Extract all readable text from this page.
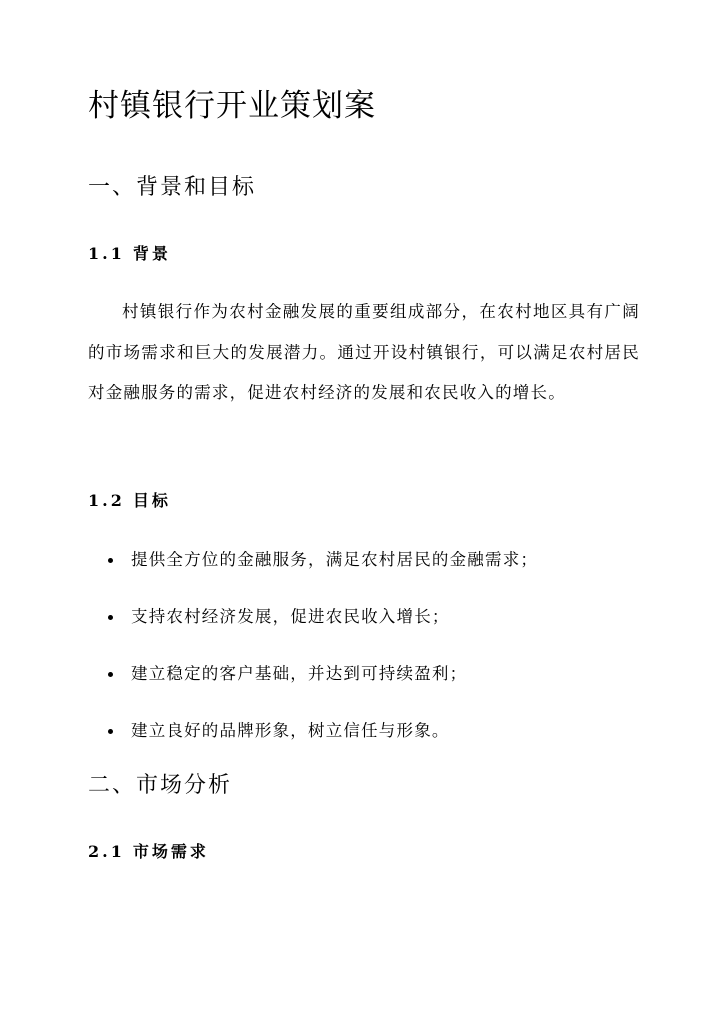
村镇银行开业策划案
一、背景和目标
1.1 背景

村镇银行作为农村金融发展的重要组成部分，在农村地区具有广阔的市场需求和巨大的发展潜力。通过开设村镇银行，可以满足农村居民对金融服务的需求，促进农村经济的发展和农民收入的增长。

1.2 目标
提供全方位的金融服务，满足农村居民的金融需求；
支持农村经济发展，促进农民收入增长；
建立稳定的客户基础，并达到可持续盈利；
建立良好的品牌形象，树立信任与形象。
二、市场分析
2.1 市场需求
